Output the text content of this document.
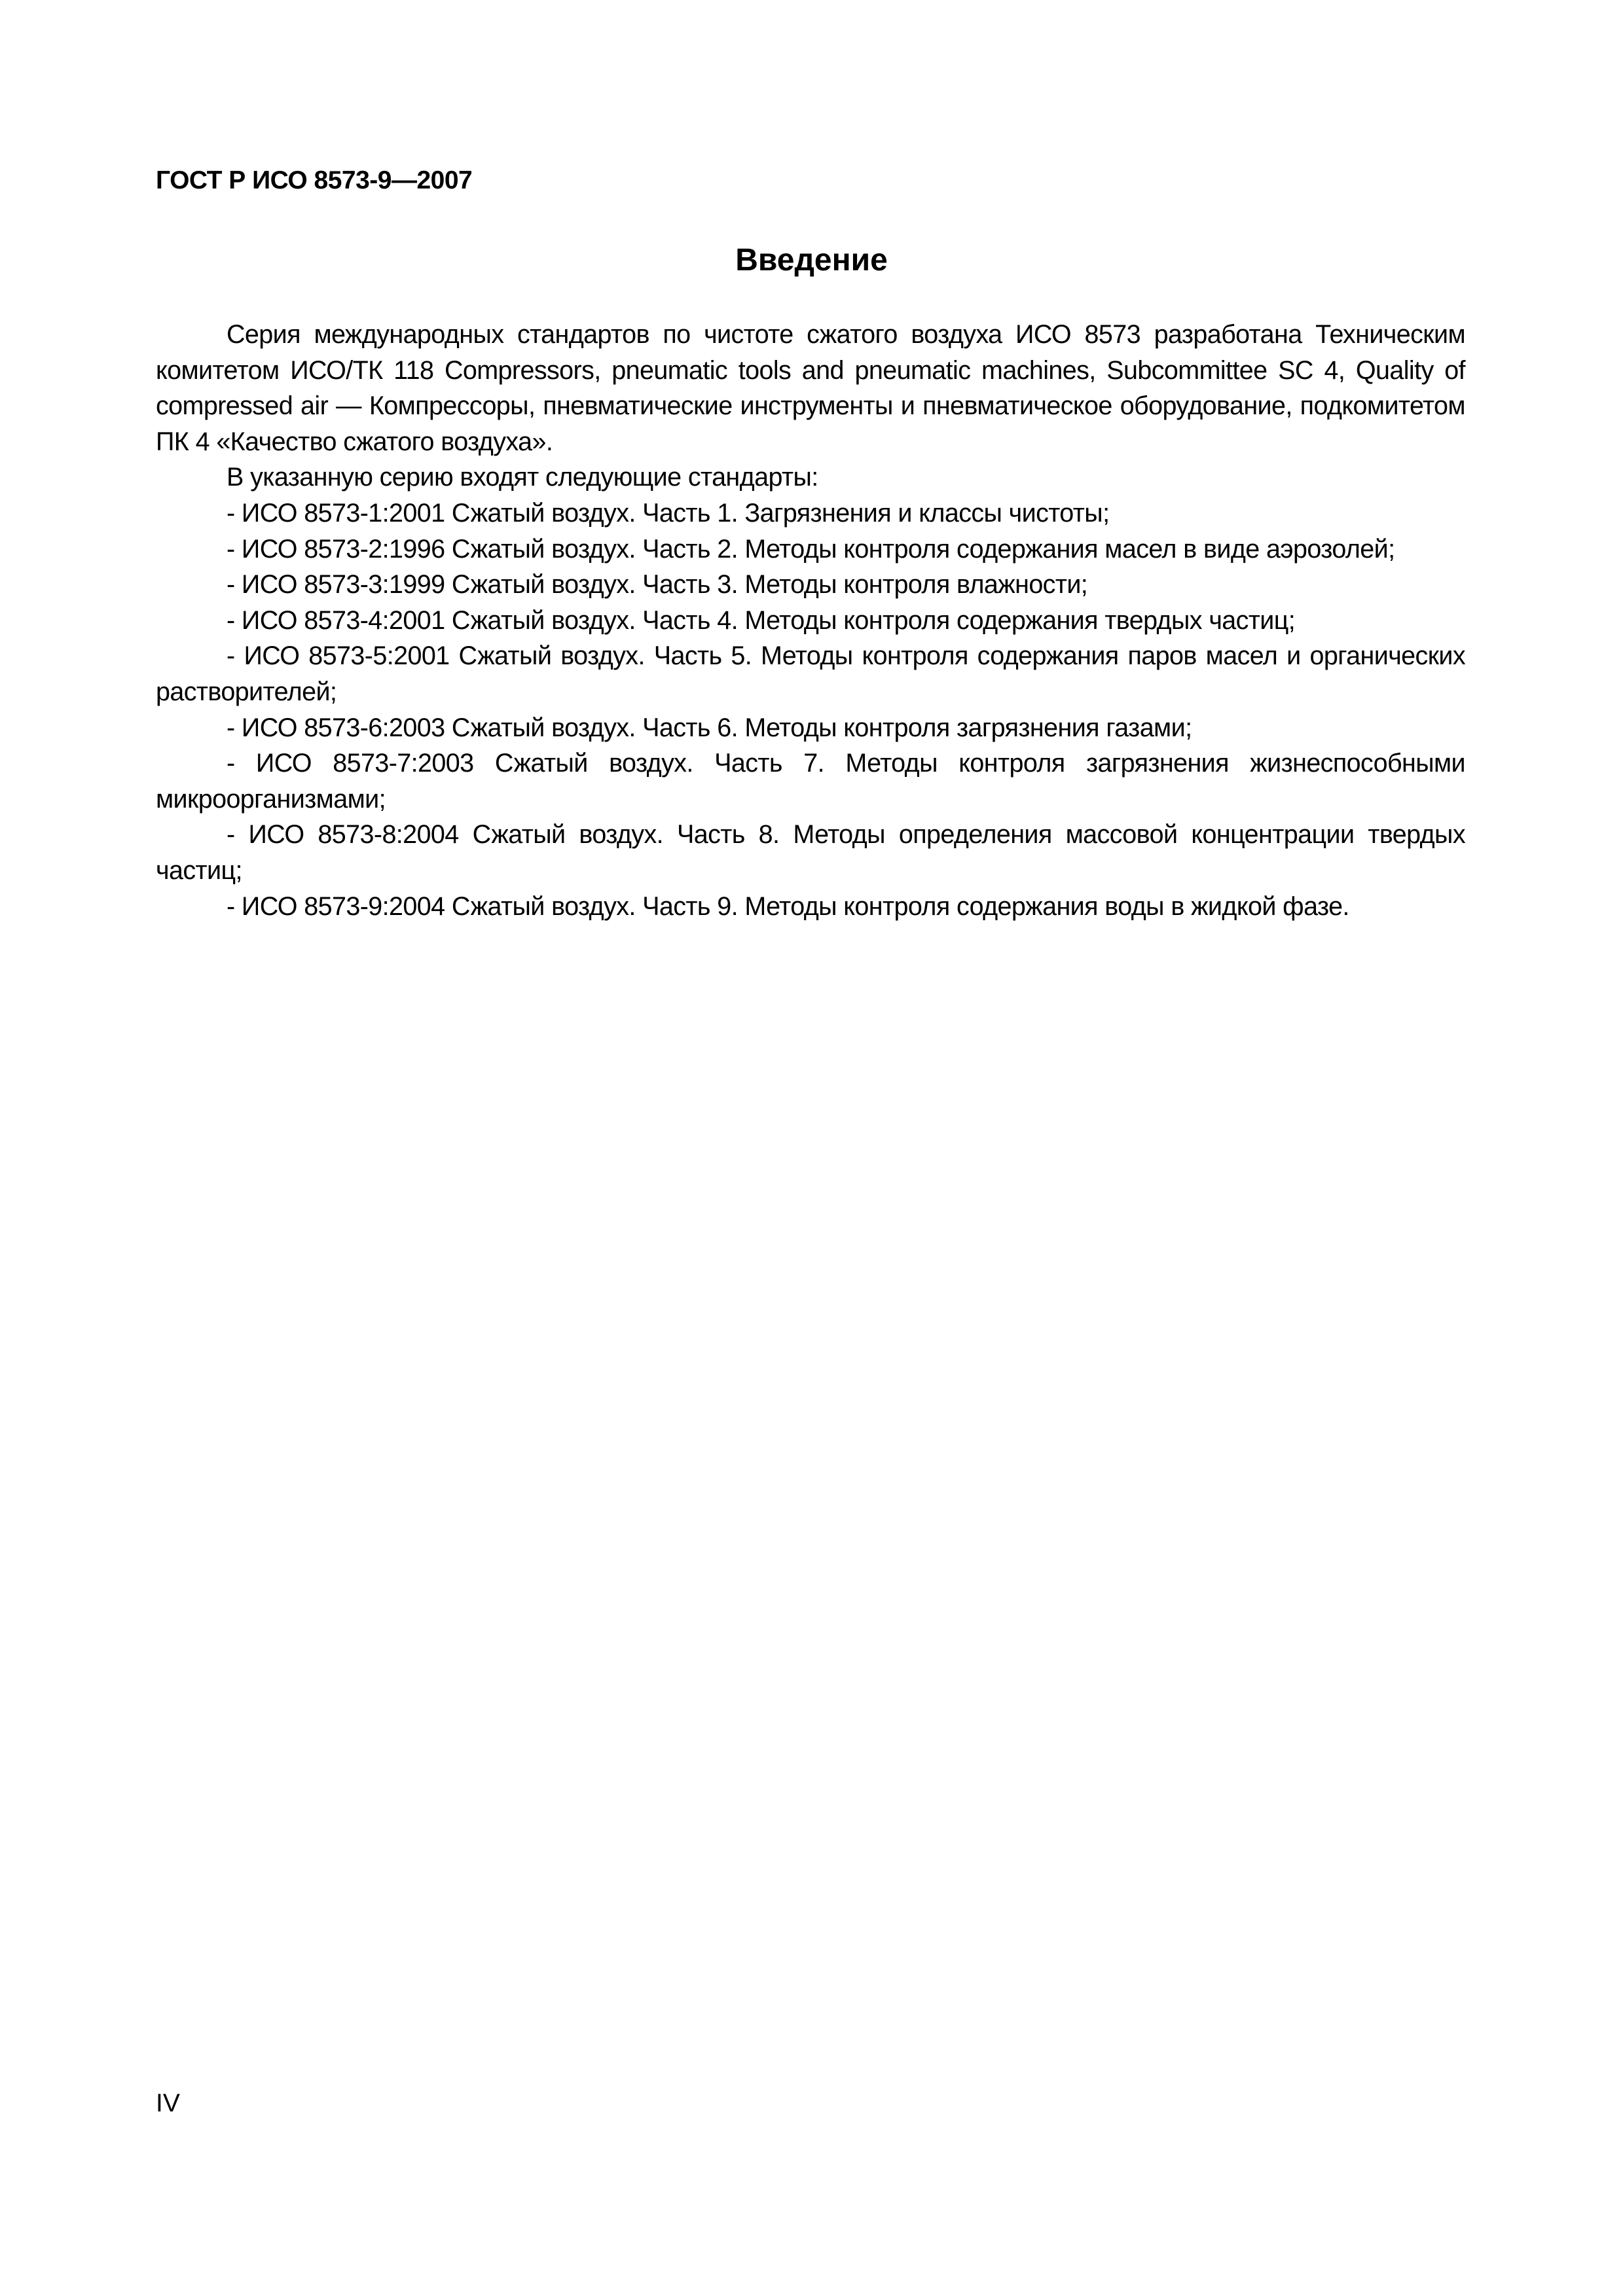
ГОСТ Р ИСО 8573-9—2007
Введение

Серия международных стандартов по чистоте сжатого воздуха ИСО 8573 разработана Техническим комитетом ИСО/ТК 118 Compressors, pneumatic tools and pneumatic machines, Subcommittee SC 4, Quality of compressed air — Компрессоры, пневматические инструменты и пневматическое оборудование, подкомитетом ПК 4 «Качество сжатого воздуха».

В указанную серию входят следующие стандарты:

- ИСО 8573-1:2001 Сжатый воздух. Часть 1. Загрязнения и классы чистоты;

- ИСО 8573-2:1996 Сжатый воздух. Часть 2. Методы контроля содержания масел в виде аэрозолей;

- ИСО 8573-3:1999 Сжатый воздух. Часть 3. Методы контроля влажности;

- ИСО 8573-4:2001 Сжатый воздух. Часть 4. Методы контроля содержания твердых частиц;

- ИСО 8573-5:2001 Сжатый воздух. Часть 5. Методы контроля содержания паров масел и органических растворителей;

- ИСО 8573-6:2003 Сжатый воздух. Часть 6. Методы контроля загрязнения газами;

- ИСО 8573-7:2003 Сжатый воздух. Часть 7. Методы контроля загрязнения жизнеспособными микроорганизмами;

- ИСО 8573-8:2004 Сжатый воздух. Часть 8. Методы определения массовой концентрации твердых частиц;

- ИСО 8573-9:2004 Сжатый воздух. Часть 9. Методы контроля содержания воды в жидкой фазе.

IV
